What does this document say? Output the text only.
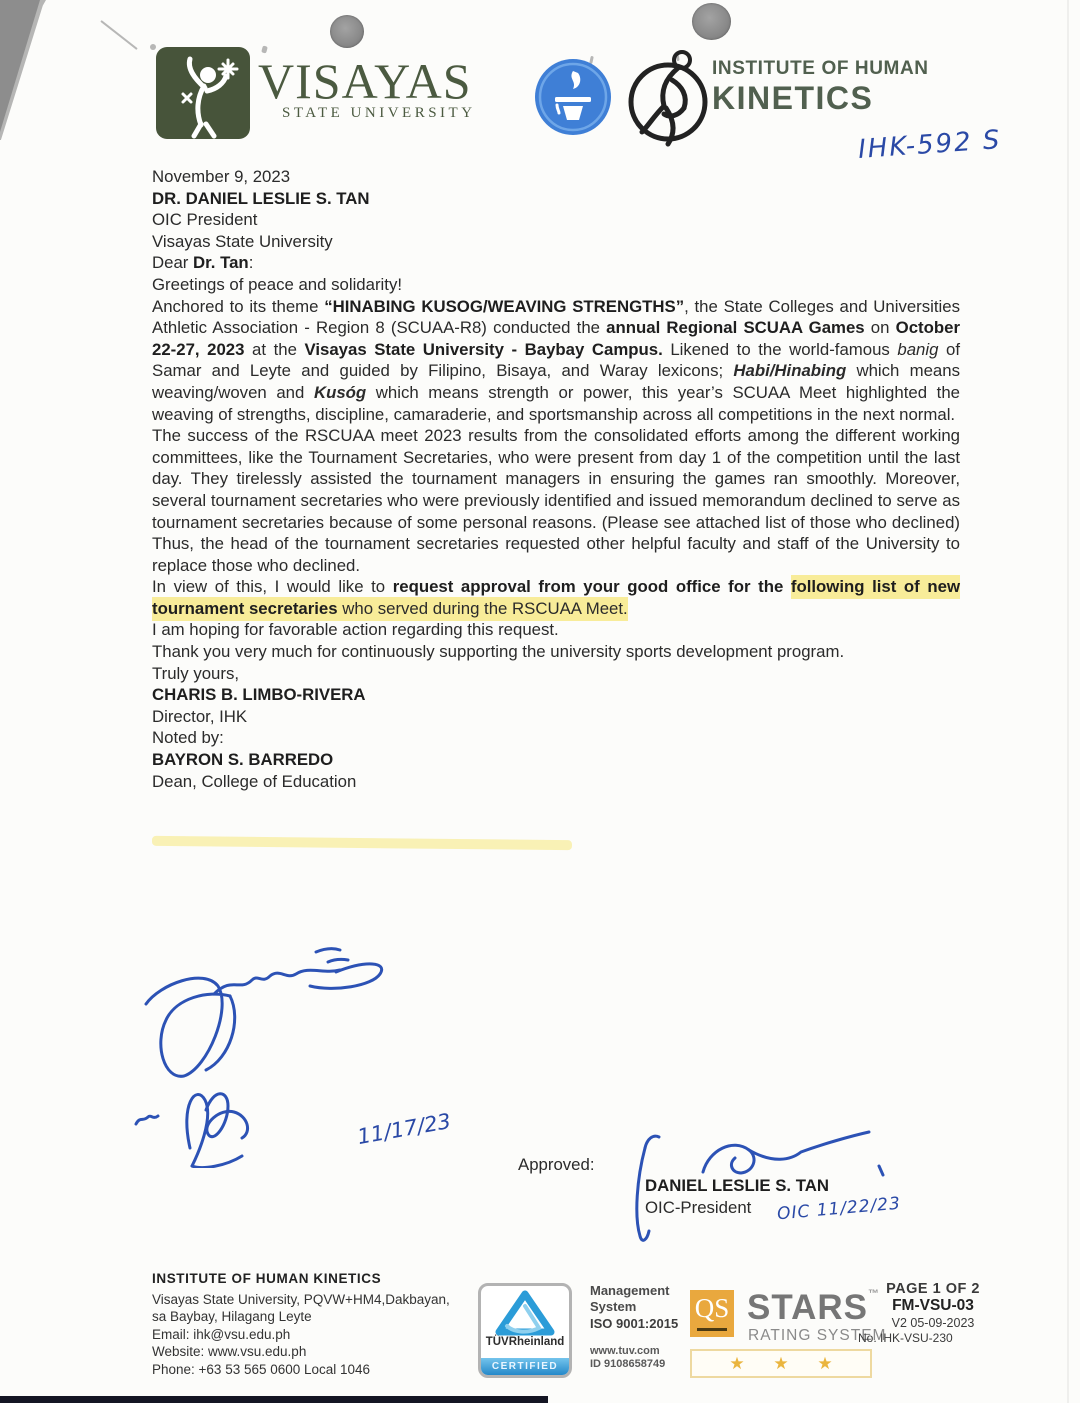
VISAYAS
STATE UNIVERSITY
INSTITUTE OF HUMAN
KINETICS
IHK-592 S

November 9, 2023

DR. DANIEL LESLIE S. TAN
OIC President
Visayas State University

Dear Dr. Tan:

Greetings of peace and solidarity!

Anchored to its theme “HINABING KUSOG/WEAVING STRENGTHS”, the State Colleges and Universities Athletic Association - Region 8 (SCUAA-R8) conducted the annual Regional SCUAA Games on October 22-27, 2023 at the Visayas State University - Baybay Campus. Likened to the world-famous banig of Samar and Leyte and guided by Filipino, Bisaya, and Waray lexicons; Habi/Hinabing which means weaving/woven and Kusóg which means strength or power, this year’s SCUAA Meet highlighted the weaving of strengths, discipline, camaraderie, and sportsmanship across all competitions in the next normal.

The success of the RSCUAA meet 2023 results from the consolidated efforts among the different working committees, like the Tournament Secretaries, who were present from day 1 of the competition until the last day. They tirelessly assisted the tournament managers in ensuring the games ran smoothly. Moreover, several tournament secretaries who were previously identified and issued memorandum declined to serve as tournament secretaries because of some personal reasons. (Please see attached list of those who declined) Thus, the head of the tournament secretaries requested other helpful faculty and staff of the University to replace those who declined.

In view of this, I would like to request approval from your good office for the following list of new tournament secretaries who served during the RSCUAA Meet.

I am hoping for favorable action regarding this request.

Thank you very much for continuously supporting the university sports development program.

Truly yours,

CHARIS B. LIMBO-RIVERA
Director, IHK

Noted by:

BAYRON S. BARREDO
Dean, College of Education

Approved:
DANIEL LESLIE S. TAN
OIC-President
11/17/23
OIC 11/22/23
INSTITUTE OF HUMAN KINETICS
Visayas State University, PQVW+HM4,Dakbayan,
sa Baybay, Hilagang Leyte
Email: ihk@vsu.edu.ph
Website: www.vsu.edu.ph
Phone: +63 53 565 0600 Local 1046
TÜVRheinland
CERTIFIED
Management
System
ISO 9001:2015
www.tuv.com
ID 9108658749
QS STARS™
RATING SYSTEM
★ ★ ★
PAGE 1 OF 2
FM-VSU-03
V2 05-09-2023
No. IHK-VSU-230
